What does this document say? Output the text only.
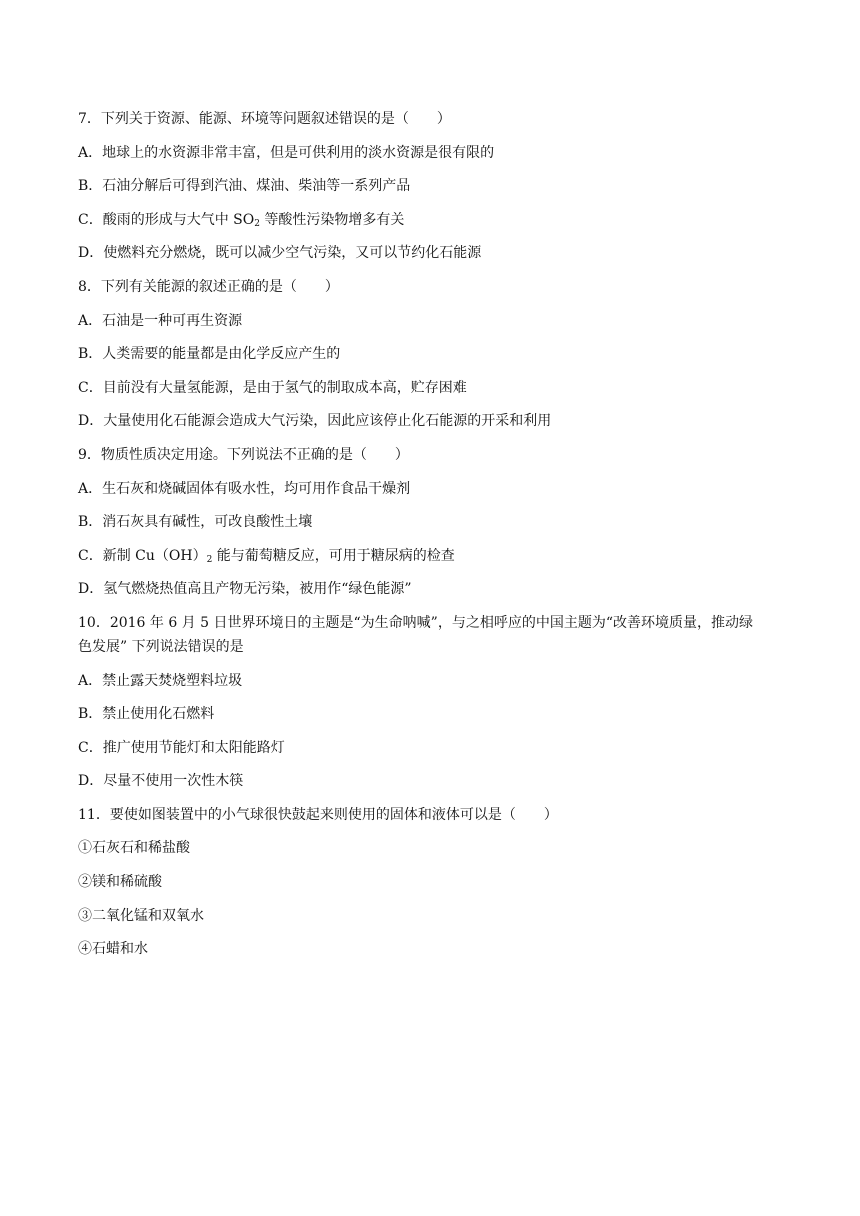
7．下列关于资源、能源、环境等问题叙述错误的是（　　）
A．地球上的水资源非常丰富，但是可供利用的淡水资源是很有限的
B．石油分解后可得到汽油、煤油、柴油等一系列产品
C．酸雨的形成与大气中 $SO_2$ 等酸性污染物增多有关
D．使燃料充分燃烧，既可以减少空气污染，又可以节约化石能源
8．下列有关能源的叙述正确的是（　　）
A．石油是一种可再生资源
B．人类需要的能量都是由化学反应产生的
C．目前没有大量氢能源，是由于氢气的制取成本高，贮存困难
D．大量使用化石能源会造成大气污染，因此应该停止化石能源的开采和利用
9．物质性质决定用途。下列说法不正确的是（　　）
A．生石灰和烧碱固体有吸水性，均可用作食品干燥剂
B．消石灰具有碱性，可改良酸性土壤
C．新制 $Cu(OH)_2$ 能与葡萄糖反应，可用于糖尿病的检查
D．氢气燃烧热值高且产物无污染，被用作“绿色能源”
10．2016 年 6 月 5 日世界环境日的主题是“为生命呐喊”，与之相呼应的中国主题为“改善环境质量，推动绿
色发展” 下列说法错误的是
A．禁止露天焚烧塑料垃圾
B．禁止使用化石燃料
C．推广使用节能灯和太阳能路灯
D．尽量不使用一次性木筷
11．要使如图装置中的小气球很快鼓起来则使用的固体和液体可以是（　　）
①石灰石和稀盐酸
②镁和稀硫酸
③二氧化锰和双氧水
④石蜡和水
